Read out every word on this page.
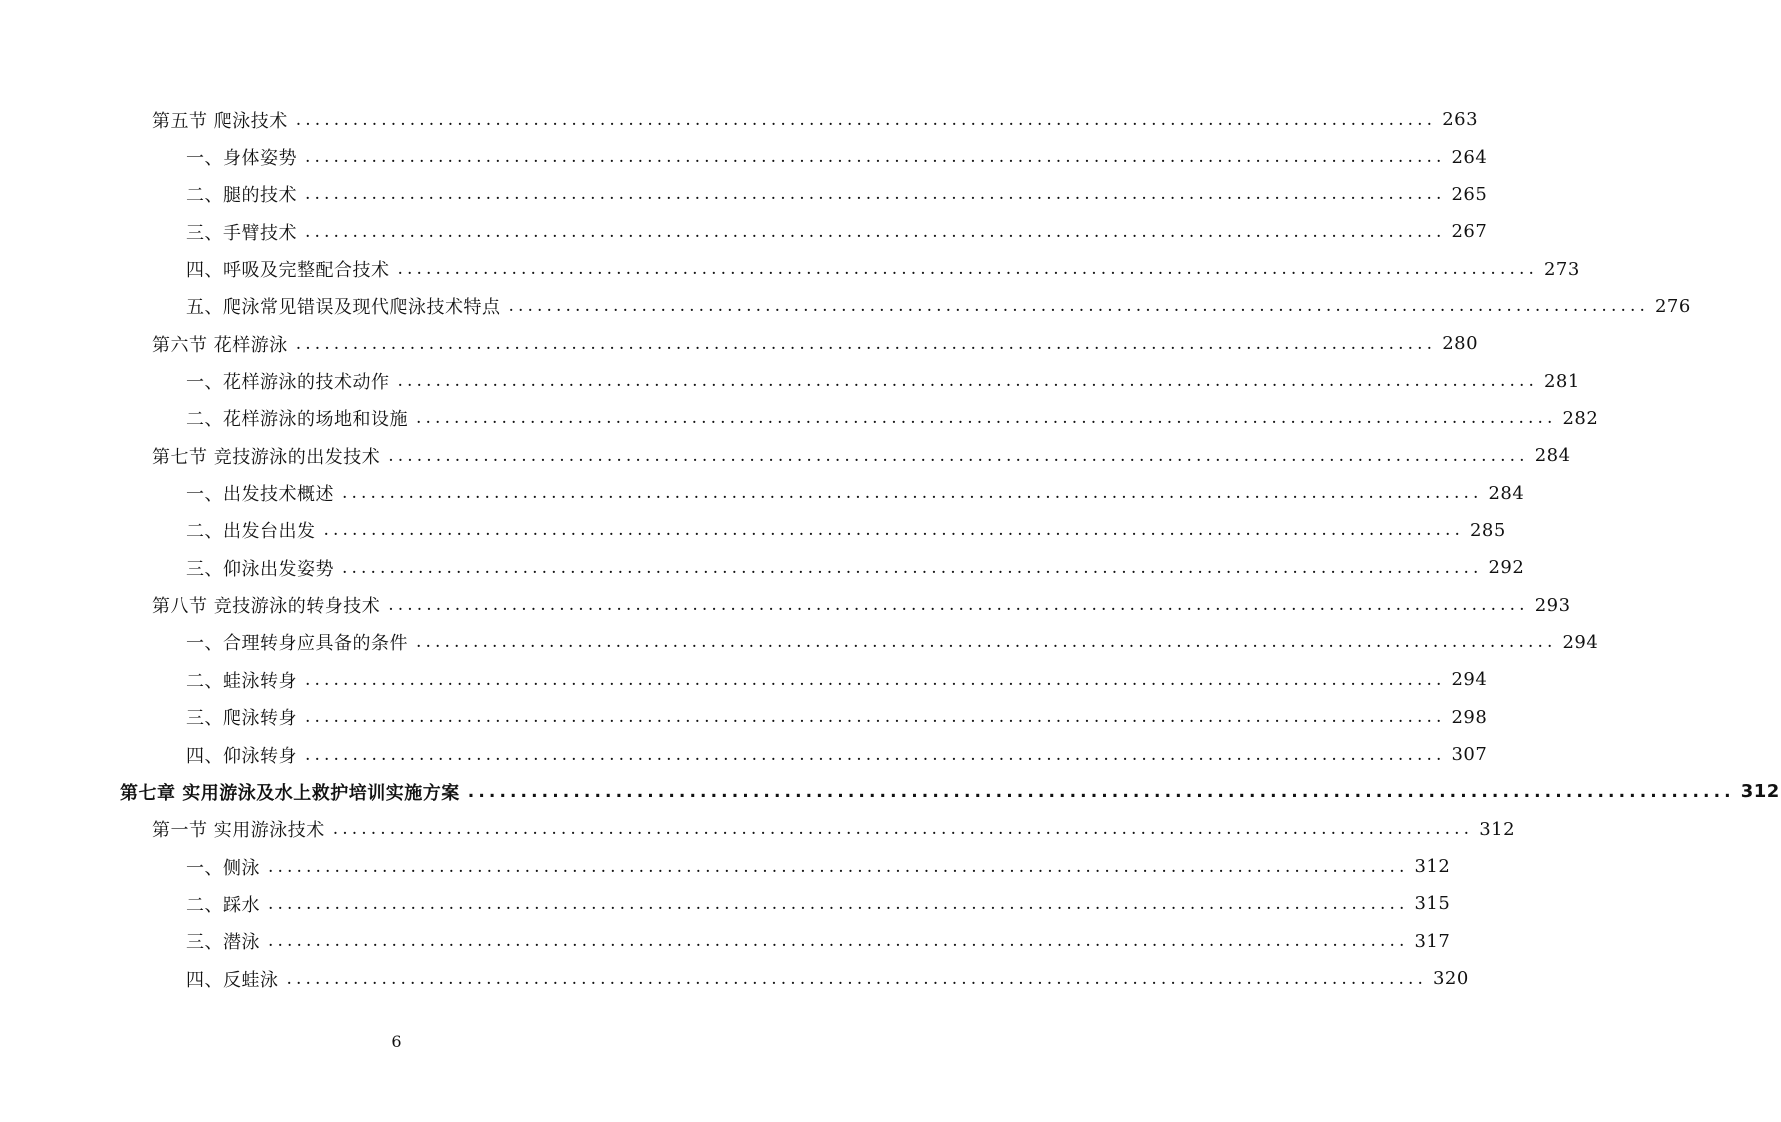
第五节 爬泳技术 ........................................................................................................................ 263
一、身体姿势 ........................................................................................................................ 264
二、腿的技术 ........................................................................................................................ 265
三、手臂技术 ........................................................................................................................ 267
四、呼吸及完整配合技术 ........................................................................................................................ 273
五、爬泳常见错误及现代爬泳技术特点 ........................................................................................................................ 276
第六节 花样游泳 ........................................................................................................................ 280
一、花样游泳的技术动作 ........................................................................................................................ 281
二、花样游泳的场地和设施 ........................................................................................................................ 282
第七节 竞技游泳的出发技术 ........................................................................................................................ 284
一、出发技术概述 ........................................................................................................................ 284
二、出发台出发 ........................................................................................................................ 285
三、仰泳出发姿势 ........................................................................................................................ 292
第八节 竞技游泳的转身技术 ........................................................................................................................ 293
一、合理转身应具备的条件 ........................................................................................................................ 294
二、蛙泳转身 ........................................................................................................................ 294
三、爬泳转身 ........................................................................................................................ 298
四、仰泳转身 ........................................................................................................................ 307
第七章 实用游泳及水上救护培训实施方案 ........................................................................................................................ 312
第一节 实用游泳技术 ........................................................................................................................ 312
一、侧泳 ........................................................................................................................ 312
二、踩水 ........................................................................................................................ 315
三、潜泳 ........................................................................................................................ 317
四、反蛙泳 ........................................................................................................................ 320
6
